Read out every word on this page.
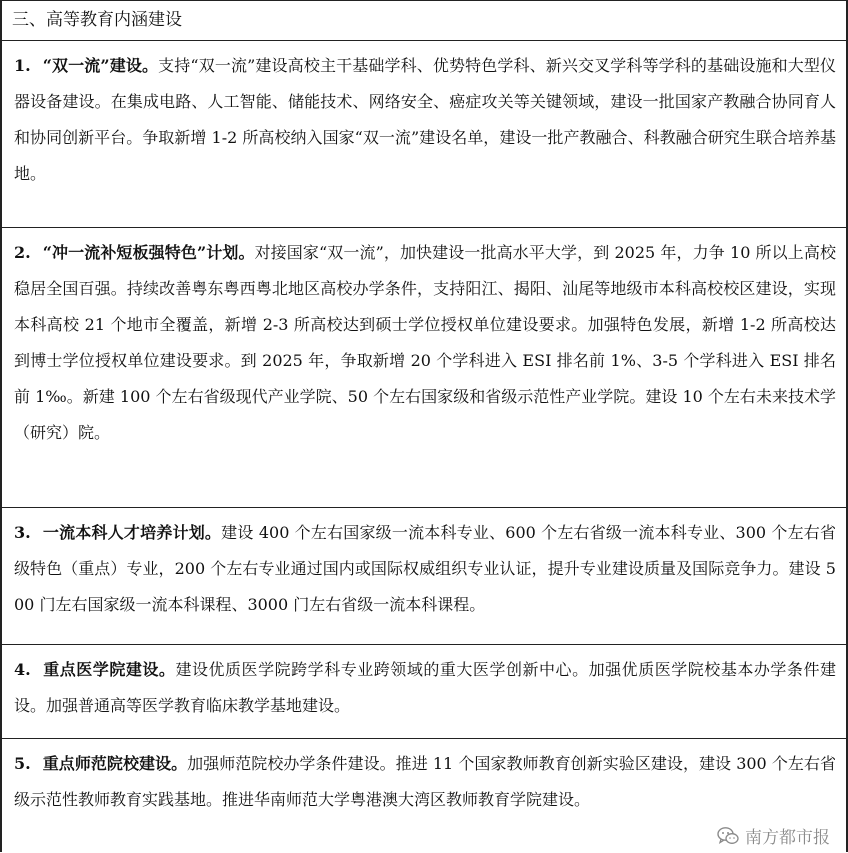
三、高等教育内涵建设
1. “双一流”建设。支持“双一流”建设高校主干基础学科、优势特色学科、新兴交叉学科等学科的基础设施和大型仪器设备建设。在集成电路、人工智能、储能技术、网络安全、癌症攻关等关键领域，建设一批国家产教融合协同育人和协同创新平台。争取新增 1-2 所高校纳入国家“双一流”建设名单，建设一批产教融合、科教融合研究生联合培养基地。
2. “冲一流补短板强特色”计划。对接国家“双一流”，加快建设一批高水平大学，到 2025 年，力争 10 所以上高校稳居全国百强。持续改善粤东粤西粤北地区高校办学条件，支持阳江、揭阳、汕尾等地级市本科高校校区建设，实现本科高校 21 个地市全覆盖，新增 2-3 所高校达到硕士学位授权单位建设要求。加强特色发展，新增 1-2 所高校达到博士学位授权单位建设要求。到 2025 年，争取新增 20 个学科进入 ESI 排名前 1%、3-5 个学科进入 ESI 排名前 1‰。新建 100 个左右省级现代产业学院、50 个左右国家级和省级示范性产业学院。建设 10 个左右未来技术学（研究）院。
3. 一流本科人才培养计划。建设 400 个左右国家级一流本科专业、600 个左右省级一流本科专业、300 个左右省级特色（重点）专业，200 个左右专业通过国内或国际权威组织专业认证，提升专业建设质量及国际竞争力。建设 500 门左右国家级一流本科课程、3000 门左右省级一流本科课程。
4. 重点医学院建设。建设优质医学院跨学科专业跨领域的重大医学创新中心。加强优质医学院校基本办学条件建设。加强普通高等医学教育临床教学基地建设。
5. 重点师范院校建设。加强师范院校办学条件建设。推进 11 个国家教师教育创新实验区建设，建设 300 个左右省级示范性教师教育实践基地。推进华南师范大学粤港澳大湾区教师教育学院建设。
南方都市报
